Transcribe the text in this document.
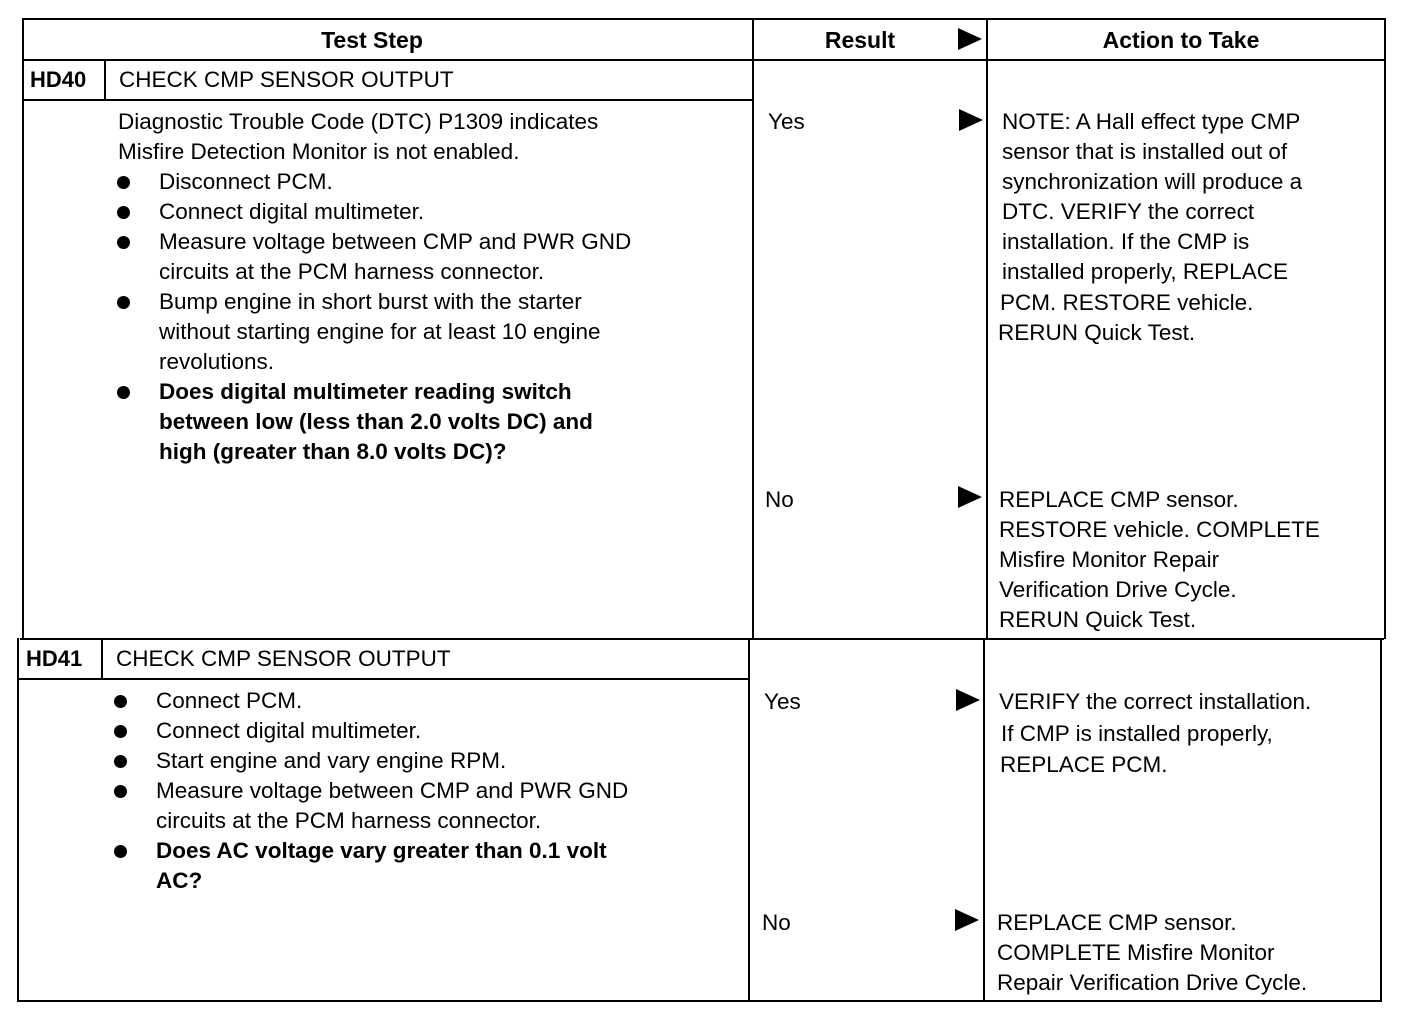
Test Step	Result	Action to Take
HD40 CHECK CMP SENSOR OUTPUT
Diagnostic Trouble Code (DTC) P1309 indicates
Misfire Detection Monitor is not enabled.
Disconnect PCM.
Connect digital multimeter.
Measure voltage between CMP and PWR GND
circuits at the PCM harness connector.
Bump engine in short burst with the starter
without starting engine for at least 10 engine
revolutions.
Does digital multimeter reading switch
between low (less than 2.0 volts DC) and
high (greater than 8.0 volts DC)?
Yes	NOTE: A Hall effect type CMP
sensor that is installed out of
synchronization will produce a
DTC. VERIFY the correct
installation. If the CMP is
installed properly, REPLACE
PCM. RESTORE vehicle.
RERUN Quick Test.
No	REPLACE CMP sensor.
RESTORE vehicle. COMPLETE
Misfire Monitor Repair
Verification Drive Cycle.
RERUN Quick Test.
HD41 CHECK CMP SENSOR OUTPUT
Connect PCM.
Connect digital multimeter.
Start engine and vary engine RPM.
Measure voltage between CMP and PWR GND
circuits at the PCM harness connector.
Does AC voltage vary greater than 0.1 volt
AC?
Yes	VERIFY the correct installation.
If CMP is installed properly,
REPLACE PCM.
No	REPLACE CMP sensor.
COMPLETE Misfire Monitor
Repair Verification Drive Cycle.
